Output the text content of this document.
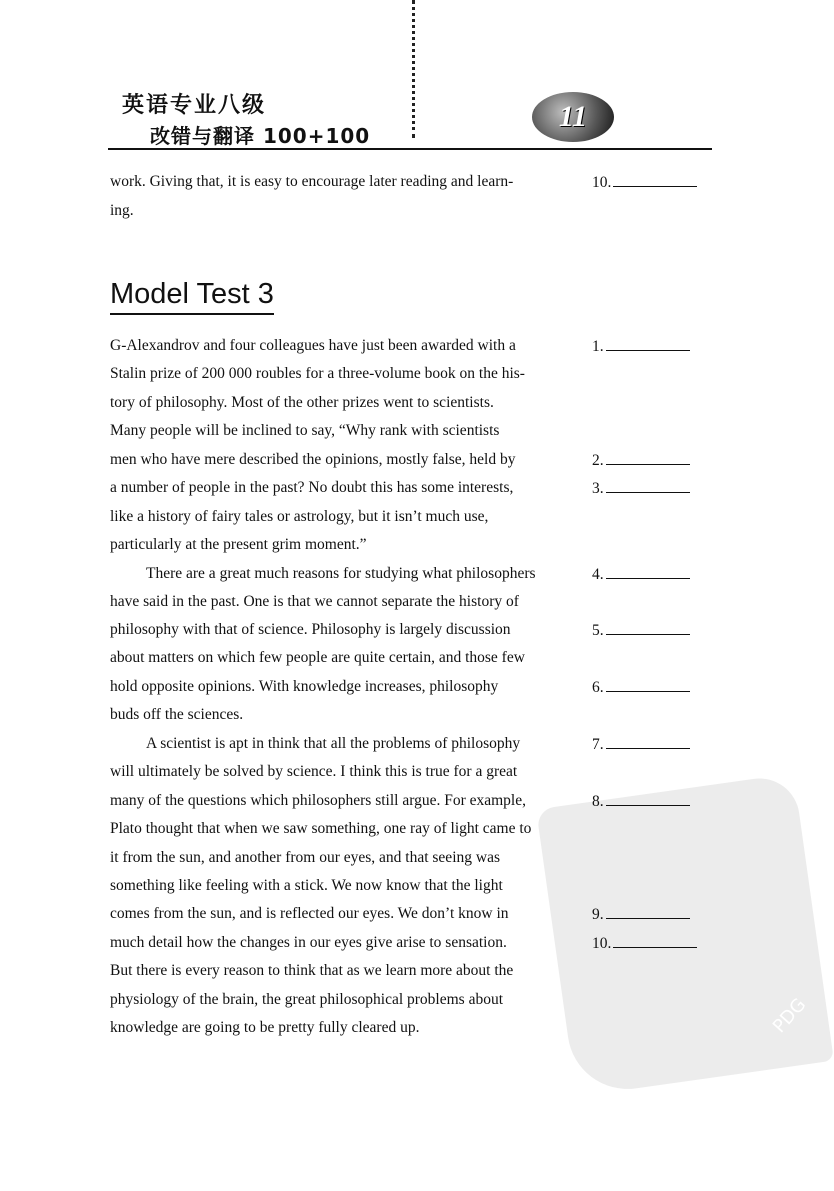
英语专业八级
改错与翻译 100+100
11
PDG
work. Giving that, it is easy to encourage later reading and learn-
ing.
10.
Model Test 3
G-Alexandrov and four colleagues have just been awarded with a
Stalin prize of 200 000 roubles for a three-volume book on the his-
tory of philosophy. Most of the other prizes went to scientists.
Many people will be inclined to say, “Why rank with scientists
men who have mere described the opinions, mostly false, held by
a number of people in the past? No doubt this has some interests,
like a history of fairy tales or astrology, but it isn’t much use,
particularly at the present grim moment.”
There are a great much reasons for studying what philosophers
have said in the past. One is that we cannot separate the history of
philosophy with that of science. Philosophy is largely discussion
about matters on which few people are quite certain, and those few
hold opposite opinions. With knowledge increases, philosophy
buds off the sciences.
A scientist is apt in think that all the problems of philosophy
will ultimately be solved by science. I think this is true for a great
many of the questions which philosophers still argue. For example,
Plato thought that when we saw something, one ray of light came to
it from the sun, and another from our eyes, and that seeing was
something like feeling with a stick. We now know that the light
comes from the sun, and is reflected our eyes. We don’t know in
much detail how the changes in our eyes give arise to sensation.
But there is every reason to think that as we learn more about the
physiology of the brain, the great philosophical problems about
knowledge are going to be pretty fully cleared up.
1.
2.
3.
4.
5.
6.
7.
8.
9.
10.
